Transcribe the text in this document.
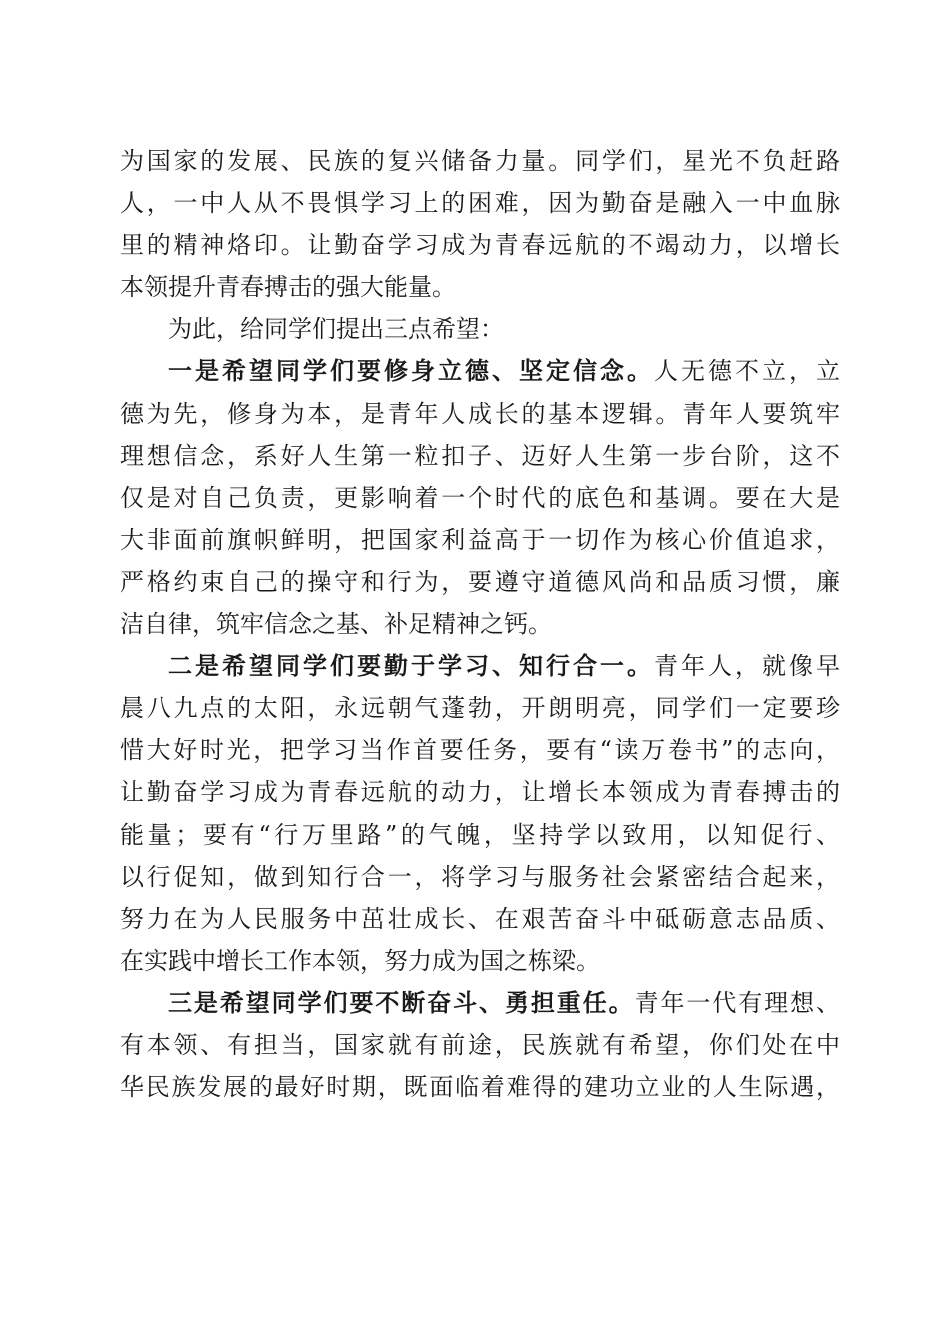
为国家的发展、民族的复兴储备力量。同学们，星光不负赶路
人，一中人从不畏惧学习上的困难，因为勤奋是融入一中血脉
里的精神烙印。让勤奋学习成为青春远航的不竭动力，以增长
本领提升青春搏击的强大能量。
为此，给同学们提出三点希望：
一是希望同学们要修身立德、坚定信念。人无德不立，立
德为先，修身为本，是青年人成长的基本逻辑。青年人要筑牢
理想信念，系好人生第一粒扣子、迈好人生第一步台阶，这不
仅是对自己负责，更影响着一个时代的底色和基调。要在大是
大非面前旗帜鲜明，把国家利益高于一切作为核心价值追求，
严格约束自己的操守和行为，要遵守道德风尚和品质习惯，廉
洁自律，筑牢信念之基、补足精神之钙。
二是希望同学们要勤于学习、知行合一。青年人，就像早
晨八九点的太阳，永远朝气蓬勃，开朗明亮，同学们一定要珍
惜大好时光，把学习当作首要任务，要有“读万卷书”的志向，
让勤奋学习成为青春远航的动力，让增长本领成为青春搏击的
能量；要有“行万里路”的气魄，坚持学以致用，以知促行、
以行促知，做到知行合一，将学习与服务社会紧密结合起来，
努力在为人民服务中茁壮成长、在艰苦奋斗中砥砺意志品质、
在实践中增长工作本领，努力成为国之栋梁。
三是希望同学们要不断奋斗、勇担重任。青年一代有理想、
有本领、有担当，国家就有前途，民族就有希望，你们处在中
华民族发展的最好时期，既面临着难得的建功立业的人生际遇，
